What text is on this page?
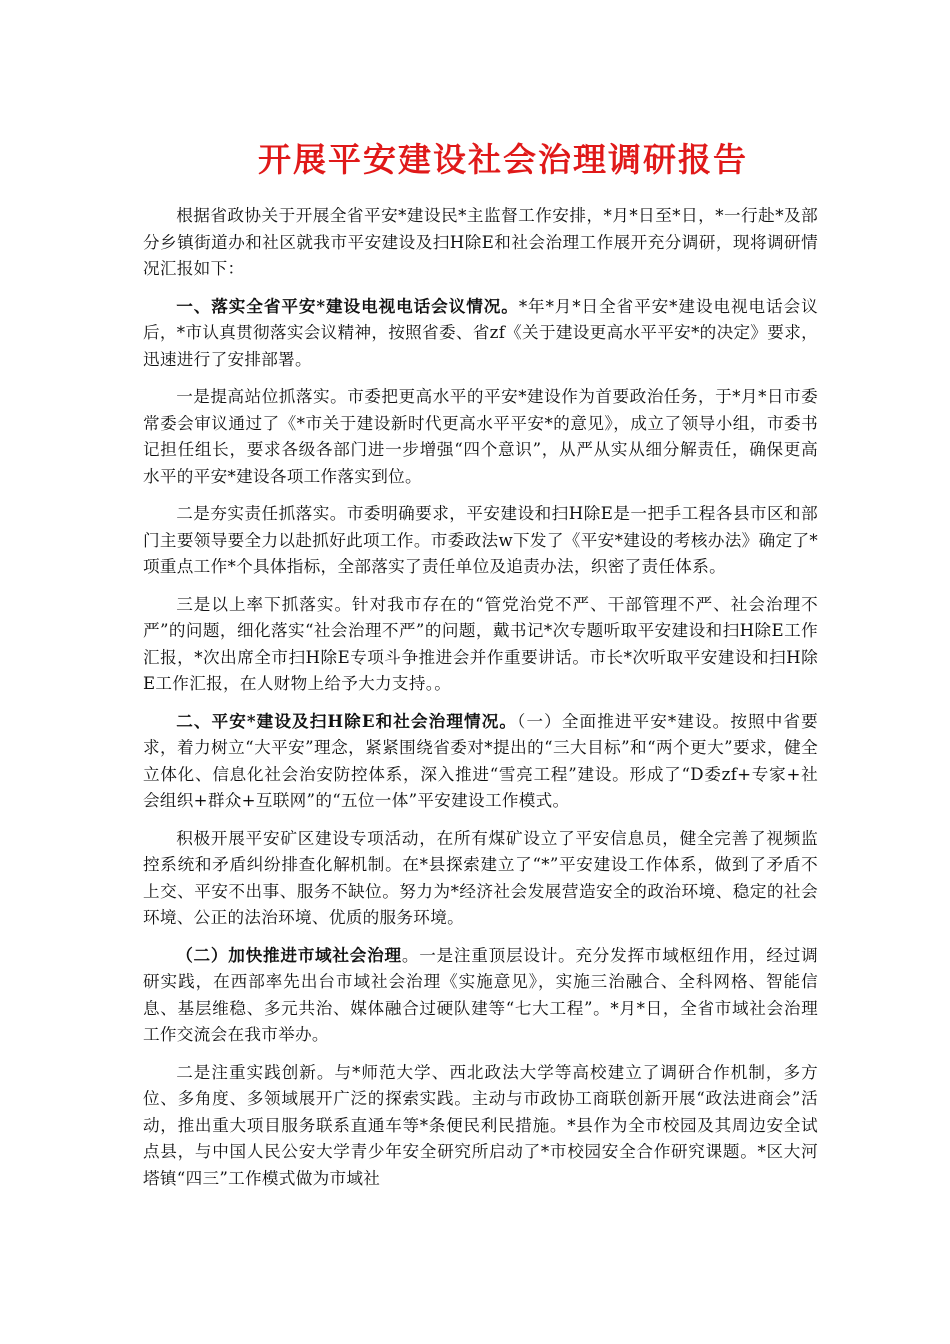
开展平安建设社会治理调研报告

根据省政协关于开展全省平安*建设民*主监督工作安排，*月*日至*日，*一行赴*及部分乡镇街道办和社区就我市平安建设及扫H除E和社会治理工作展开充分调研，现将调研情况汇报如下：

一、落实全省平安*建设电视电话会议情况。*年*月*日全省平安*建设电视电话会议后，*市认真贯彻落实会议精神，按照省委、省zf《关于建设更高水平平安*的决定》要求，迅速进行了安排部署。

一是提高站位抓落实。市委把更高水平的平安*建设作为首要政治任务，于*月*日市委常委会审议通过了《*市关于建设新时代更高水平平安*的意见》，成立了领导小组，市委书记担任组长，要求各级各部门进一步增强“四个意识”，从严从实从细分解责任，确保更高水平的平安*建设各项工作落实到位。

二是夯实责任抓落实。市委明确要求，平安建设和扫H除E是一把手工程各县市区和部门主要领导要全力以赴抓好此项工作。市委政法w下发了《平安*建设的考核办法》确定了*项重点工作*个具体指标，全部落实了责任单位及追责办法，织密了责任体系。

三是以上率下抓落实。针对我市存在的“管党治党不严、干部管理不严、社会治理不严”的问题，细化落实“社会治理不严”的问题，戴书记*次专题听取平安建设和扫H除E工作汇报，*次出席全市扫H除E专项斗争推进会并作重要讲话。市长*次听取平安建设和扫H除E工作汇报，在人财物上给予大力支持。。

二、平安*建设及扫H除E和社会治理情况。（一）全面推进平安*建设。按照中省要求，着力树立“大平安”理念，紧紧围绕省委对*提出的“三大目标”和“两个更大”要求，健全立体化、信息化社会治安防控体系，深入推进“雪亮工程”建设。形成了“D委zf+专家+社会组织+群众+互联网”的“五位一体”平安建设工作模式。

积极开展平安矿区建设专项活动，在所有煤矿设立了平安信息员，健全完善了视频监控系统和矛盾纠纷排查化解机制。在*县探索建立了“*”平安建设工作体系，做到了矛盾不上交、平安不出事、服务不缺位。努力为*经济社会发展营造安全的政治环境、稳定的社会环境、公正的法治环境、优质的服务环境。

（二）加快推进市域社会治理。一是注重顶层设计。充分发挥市域枢纽作用，经过调研实践，在西部率先出台市域社会治理《实施意见》，实施三治融合、全科网格、智能信息、基层维稳、多元共治、媒体融合过硬队建等“七大工程”。*月*日，全省市域社会治理工作交流会在我市举办。

二是注重实践创新。与*师范大学、西北政法大学等高校建立了调研合作机制，多方位、多角度、多领域展开广泛的探索实践。主动与市政协工商联创新开展“政法进商会”活动，推出重大项目服务联系直通车等*条便民利民措施。*县作为全市校园及其周边安全试点县，与中国人民公安大学青少年安全研究所启动了*市校园安全合作研究课题。*区大河塔镇“四三”工作模式做为市域社
